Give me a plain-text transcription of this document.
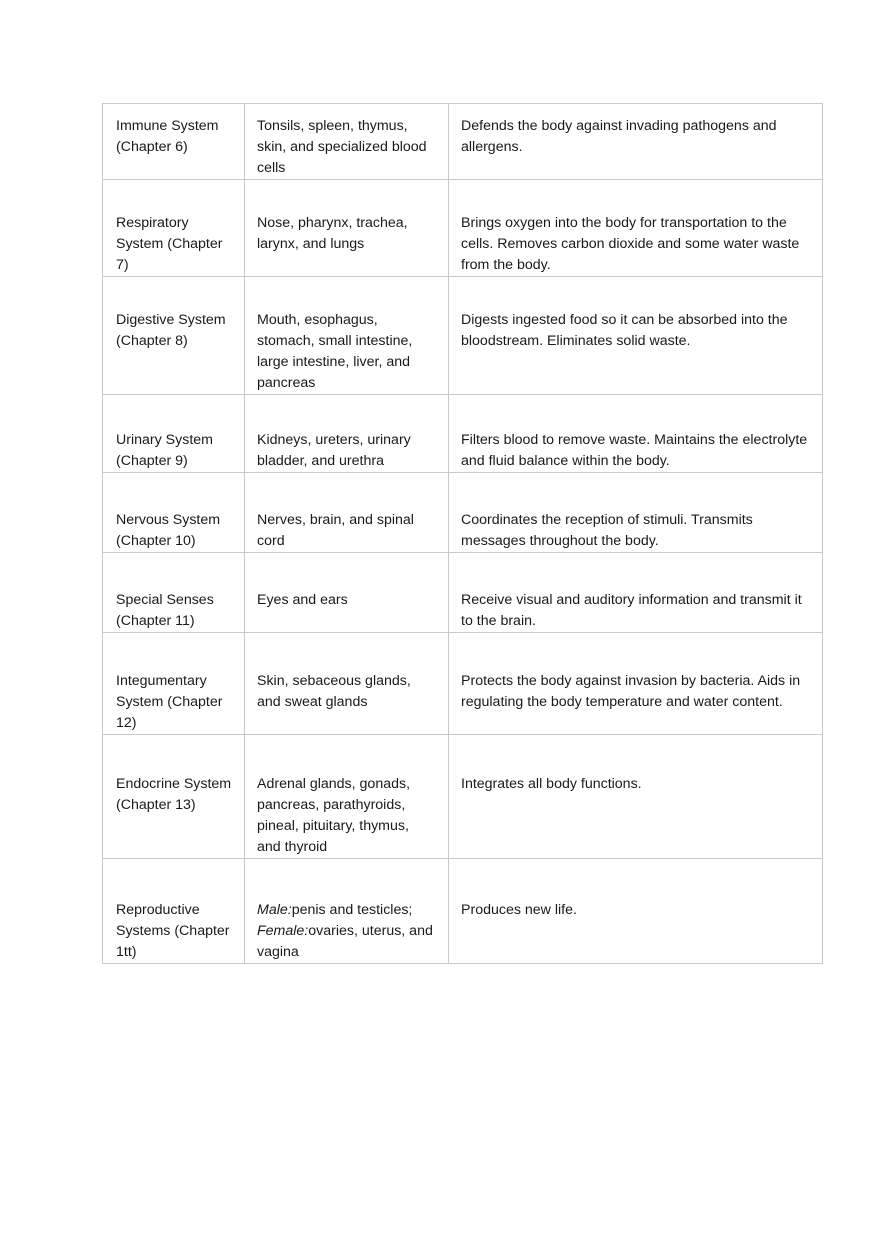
Immune System (Chapter 6)	Tonsils, spleen, thymus, skin, and specialized blood cells	Defends the body against invading pathogens and allergens.
Respiratory System (Chapter 7)	Nose, pharynx, trachea, larynx, and lungs	Brings oxygen into the body for transportation to the cells. Removes carbon dioxide and some water waste from the body.
Digestive System (Chapter 8)	Mouth, esophagus, stomach, small intestine, large intestine, liver, and pancreas	Digests ingested food so it can be absorbed into the bloodstream. Eliminates solid waste.
Urinary System (Chapter 9)	Kidneys, ureters, urinary bladder, and urethra	Filters blood to remove waste. Maintains the electrolyte and fluid balance within the body.
Nervous System (Chapter 10)	Nerves, brain, and spinal cord	Coordinates the reception of stimuli. Transmits messages throughout the body.
Special Senses (Chapter 11)	Eyes and ears	Receive visual and auditory information and transmit it to the brain.
Integumentary System (Chapter 12)	Skin, sebaceous glands, and sweat glands	Protects the body against invasion by bacteria. Aids in regulating the body temperature and water content.
Endocrine System (Chapter 13)	Adrenal glands, gonads, pancreas, parathyroids, pineal, pituitary, thymus, and thyroid	Integrates all body functions.
Reproductive Systems (Chapter 1tt)	Male:penis and testicles; Female:ovaries, uterus, and vagina	Produces new life.
